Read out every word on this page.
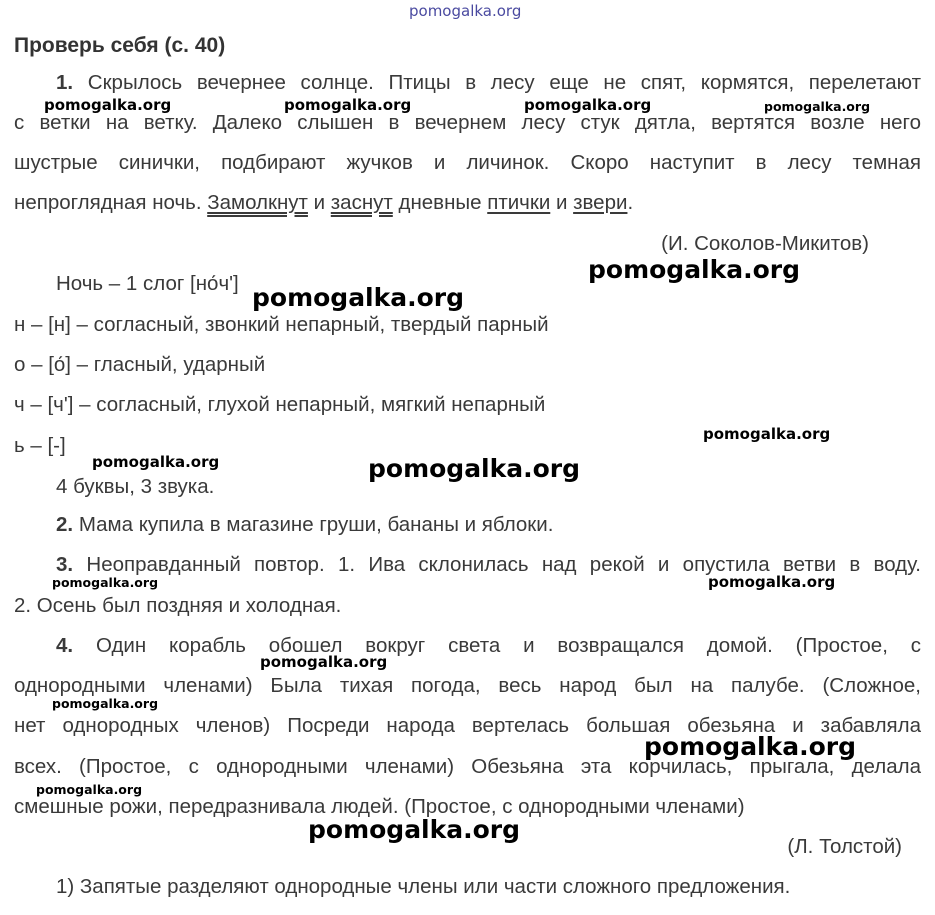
pomogalka.org
Проверь себя (с. 40)
1. Скрылось вечернее солнце. Птицы в лесу еще не спят, кормятся, перелетают
с ветки на ветку. Далеко слышен в вечернем лесу стук дятла, вертятся возле него
шустрые синички, подбирают жучков и личинок. Скоро наступит в лесу темная
непроглядная ночь. Замолкнут и заснут дневные птички и звери.
(И. Соколов-Микитов)
Ночь – 1 слог [но́ч']
н – [н] – согласный, звонкий непарный, твердый парный
о – [о́] – гласный, ударный
ч – [ч'] – согласный, глухой непарный, мягкий непарный
ь – [-]
4 буквы, 3 звука.
2. Мама купила в магазине груши, бананы и яблоки.
3. Неоправданный повтор. 1. Ива склонилась над рекой и опустила ветви в воду.
2. Осень был поздняя и холодная.
4. Один корабль обошел вокруг света и возвращался домой. (Простое, с
однородными членами) Была тихая погода, весь народ был на палубе. (Сложное,
нет однородных членов) Посреди народа вертелась большая обезьяна и забавляла
всех. (Простое, с однородными членами) Обезьяна эта корчилась, прыгала, делала
смешные рожи, передразнивала людей. (Простое, с однородными членами)
(Л. Толстой)
1) Запятые разделяют однородные члены или части сложного предложения.
pomogalka.org	pomogalka.org	pomogalka.org	pomogalka.org
pomogalka.org
pomogalka.org
pomogalka.org
pomogalka.org	pomogalka.org
pomogalka.org	pomogalka.org
pomogalka.org
pomogalka.org
pomogalka.org
pomogalka.org
pomogalka.org
